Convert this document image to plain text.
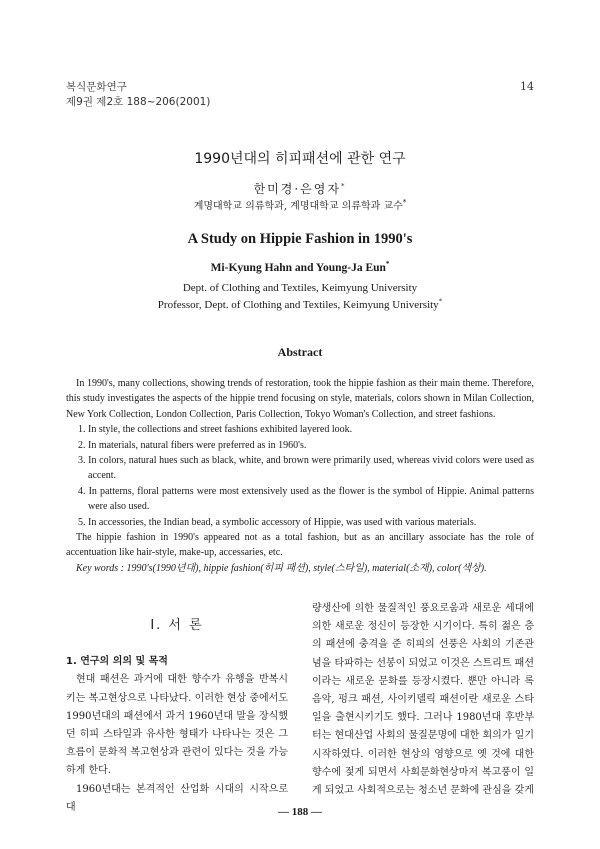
복식문화연구
제9권 제2호 188~206(2001)
14
1990년대의 히피패션에 관한 연구
한미경·은영자*
계명대학교 의류학과, 계명대학교 의류학과 교수*
A Study on Hippie Fashion in 1990's
Mi-Kyung Hahn and Young-Ja Eun*
Dept. of Clothing and Textiles, Keimyung University
Professor, Dept. of Clothing and Textiles, Keimyung University*
Abstract

In 1990's, many collections, showing trends of restoration, took the hippie fashion as their main theme. Therefore, this study investigates the aspects of the hippie trend focusing on style, materials, colors shown in Milan Collection, New York Collection, London Collection, Paris Collection, Tokyo Woman's Collection, and street fashions.

1. In style, the collections and street fashions exhibited layered look.

2. In materials, natural fibers were preferred as in 1960's.

3. In colors, natural hues such as black, white, and brown were primarily used, whereas vivid colors were used as accent.

4. In patterns, floral patterns were most extensively used as the flower is the symbol of Hippie. Animal patterns were also used.

5. In accessories, the Indian bead, a symbolic accessory of Hippie, was used with various materials.

The hippie fashion in 1990's appeared not as a total fashion, but as an ancillary associate has the role of accentuation like hair-style, make-up, accessaries, etc.

Key words : 1990's(1990년대), hippie fashion(히피 패션), style(스타일), material(소재), color(색상).

I. 서 론
1. 연구의 의의 및 목적

현대 패션은 과거에 대한 향수가 유행을 반복시키는 복고현상으로 나타났다. 이러한 현상 중에서도 1990년대의 패션에서 과거 1960년대 말을 장식했던 히피 스타일과 유사한 형태가 나타나는 것은 그 흐름이 문화적 복고현상과 관련이 있다는 것을 가능하게 한다.

1960년대는 본격적인 산업화 시대의 시작으로 대

량생산에 의한 물질적인 풍요로움과 새로운 세대에 의한 새로운 정신이 등장한 시기이다. 특히 젊은 층의 패션에 충격을 준 히피의 선풍은 사회의 기존관념을 타파하는 선봉이 되었고 이것은 스트리트 패션이라는 새로운 문화를 등장시켰다. 뿐만 아니라 록 음악, 펑크 패션, 사이키델릭 패션이란 새로운 스타일을 출현시키기도 했다. 그러나 1980년대 후반부터는 현대산업 사회의 물질문명에 대한 회의가 일기 시작하였다. 이러한 현상의 영향으로 옛 것에 대한 향수에 젖게 되면서 사회문화현상마저 복고풍이 일게 되었고 사회적으로는 청소년 문화에 관심을 갖게

— 188 —
